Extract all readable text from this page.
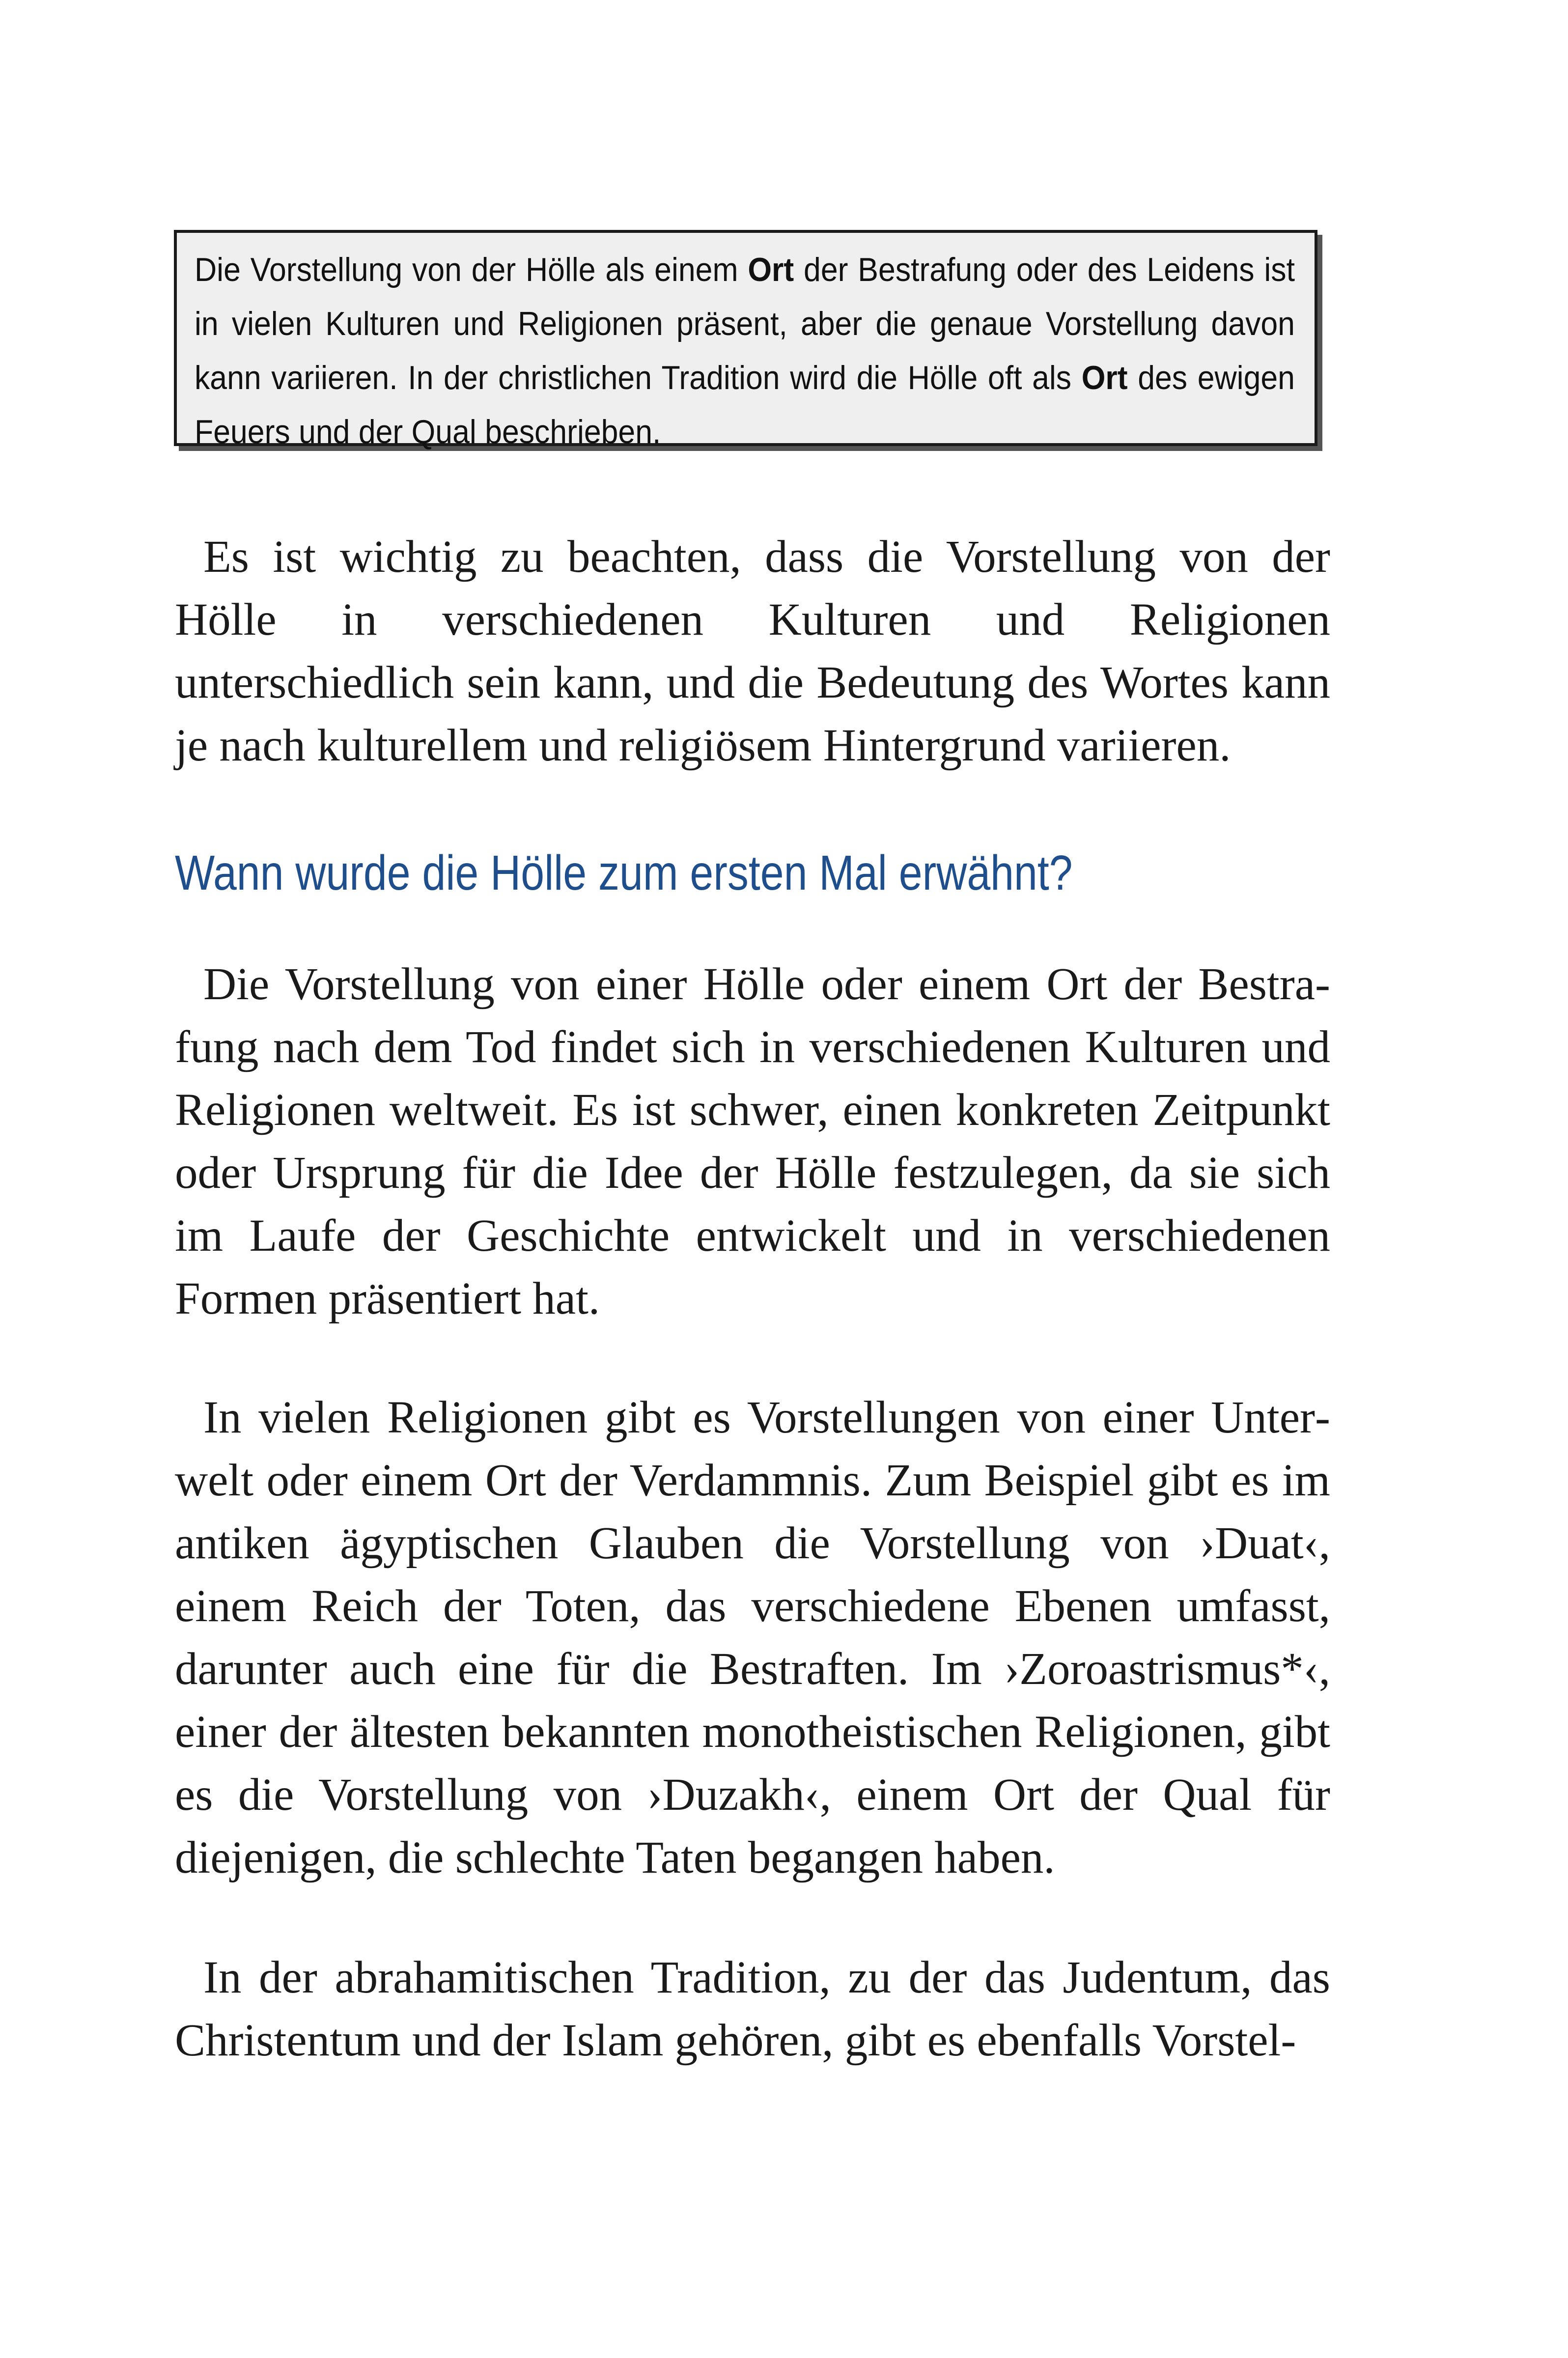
Die Vorstellung von der Hölle als einem Ort der Bestrafung oder des Leidens ist in vielen Kulturen und Religionen präsent, aber die genaue Vorstellung davon kann variieren. In der christlichen Tradition wird die Hölle oft als Ort des ewigen Feuers und der Qual beschrieben.
Es ist wichtig zu beachten, dass die Vorstellung von der Hölle in verschiedenen Kulturen und Religionen unterschiedlich sein kann, und die Bedeutung des Wortes kann je nach kulturellem und religiösem Hintergrund variieren.
Wann wurde die Hölle zum ersten Mal erwähnt?
Die Vorstellung von einer Hölle oder einem Ort der Bestrafung nach dem Tod findet sich in verschiedenen Kulturen und Religionen weltweit. Es ist schwer, einen konkreten Zeitpunkt oder Ursprung für die Idee der Hölle festzulegen, da sie sich im Laufe der Geschichte entwickelt und in verschiedenen Formen präsentiert hat.
In vielen Religionen gibt es Vorstellungen von einer Unterwelt oder einem Ort der Verdammnis. Zum Beispiel gibt es im antiken ägyptischen Glauben die Vorstellung von ›Duat‹, einem Reich der Toten, das verschiedene Ebenen umfasst, darunter auch eine für die Bestraften. Im ›Zoroastrismus*‹, einer der ältesten bekannten monotheistischen Religionen, gibt es die Vorstellung von ›Duzakh‹, einem Ort der Qual für diejenigen, die schlechte Taten begangen haben.
In der abrahamitischen Tradition, zu der das Judentum, das Christentum und der Islam gehören, gibt es ebenfalls Vorstel-
